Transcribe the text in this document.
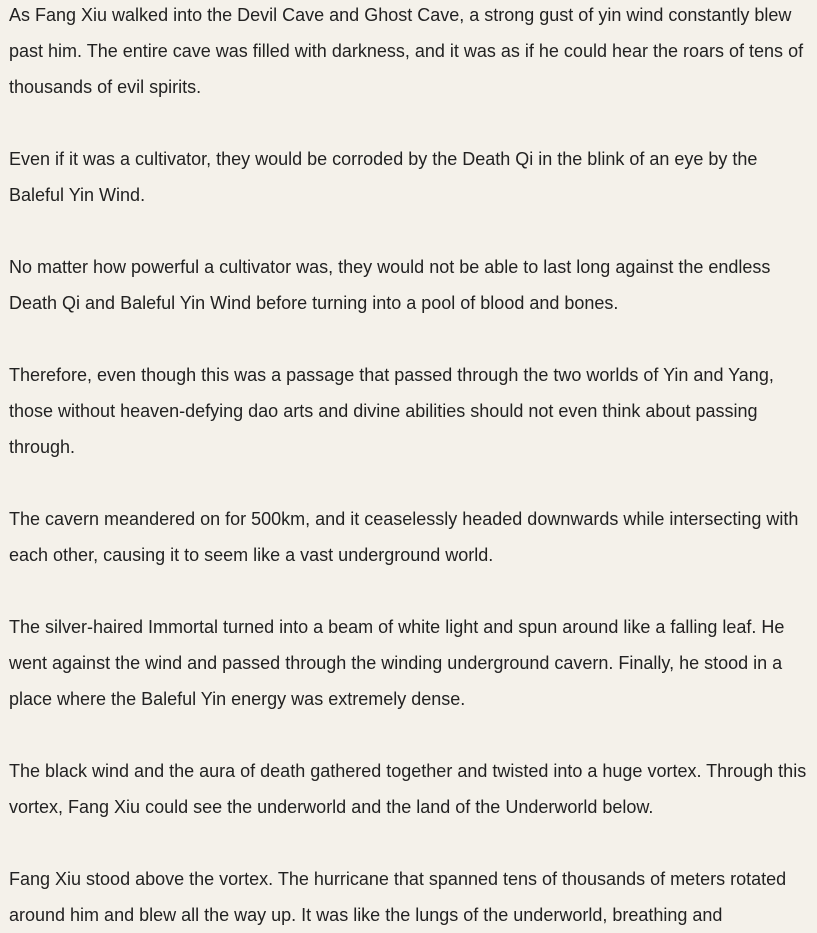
As Fang Xiu walked into the Devil Cave and Ghost Cave, a strong gust of yin wind constantly blew past him. The entire cave was filled with darkness, and it was as if he could hear the roars of tens of thousands of evil spirits.

Even if it was a cultivator, they would be corroded by the Death Qi in the blink of an eye by the Baleful Yin Wind.

No matter how powerful a cultivator was, they would not be able to last long against the endless Death Qi and Baleful Yin Wind before turning into a pool of blood and bones.

Therefore, even though this was a passage that passed through the two worlds of Yin and Yang, those without heaven-defying dao arts and divine abilities should not even think about passing through.

The cavern meandered on for 500km, and it ceaselessly headed downwards while intersecting with each other, causing it to seem like a vast underground world.

The silver-haired Immortal turned into a beam of white light and spun around like a falling leaf. He went against the wind and passed through the winding underground cavern. Finally, he stood in a place where the Baleful Yin energy was extremely dense.

The black wind and the aura of death gathered together and twisted into a huge vortex. Through this vortex, Fang Xiu could see the underworld and the land of the Underworld below.

Fang Xiu stood above the vortex. The hurricane that spanned tens of thousands of meters rotated around him and blew all the way up. It was like the lungs of the underworld, breathing and
